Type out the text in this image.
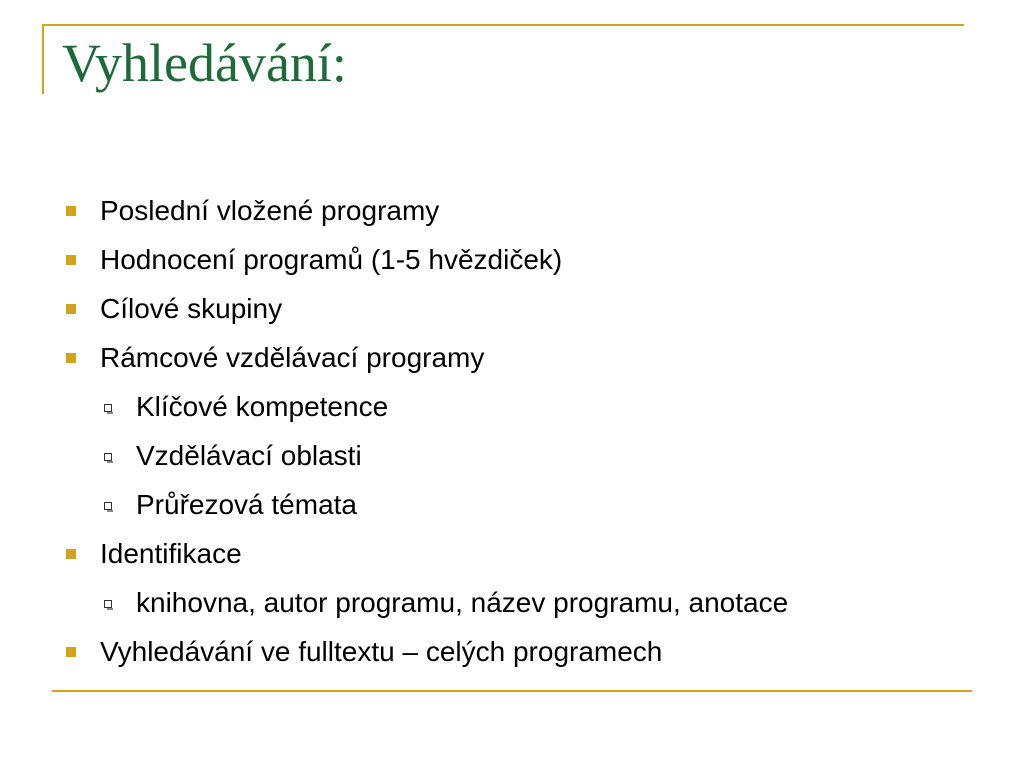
Vyhledávání:
Poslední vložené programy
Hodnocení programů (1-5 hvězdiček)
Cílové skupiny
Rámcové vzdělávací programy
Klíčové kompetence
Vzdělávací oblasti
Průřezová témata
Identifikace
knihovna, autor programu, název programu, anotace
Vyhledávání ve fulltextu – celých programech
